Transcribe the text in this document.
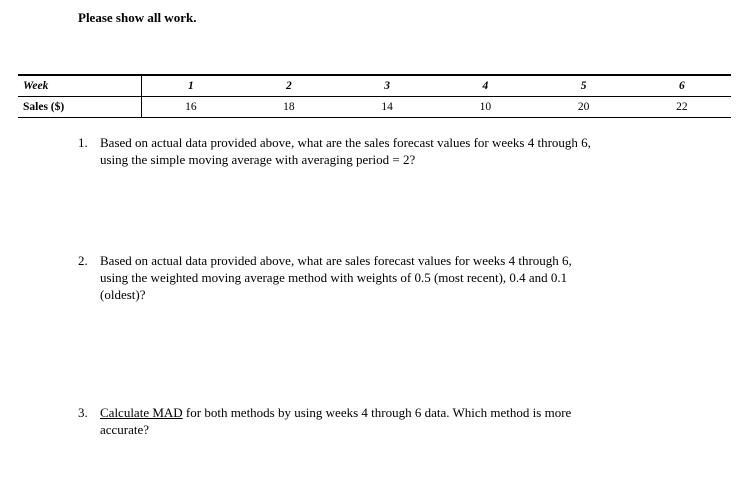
Please show all work.

Week	1	2	3	4	5	6
Sales ($)	16	18	14	10	20	22
1. Based on actual data provided above, what are the sales forecast values for weeks 4 through 6, using the simple moving average with averaging period = 2?
2. Based on actual data provided above, what are sales forecast values for weeks 4 through 6, using the weighted moving average method with weights of 0.5 (most recent), 0.4 and 0.1 (oldest)?
3. Calculate MAD for both methods by using weeks 4 through 6 data. Which method is more accurate?
